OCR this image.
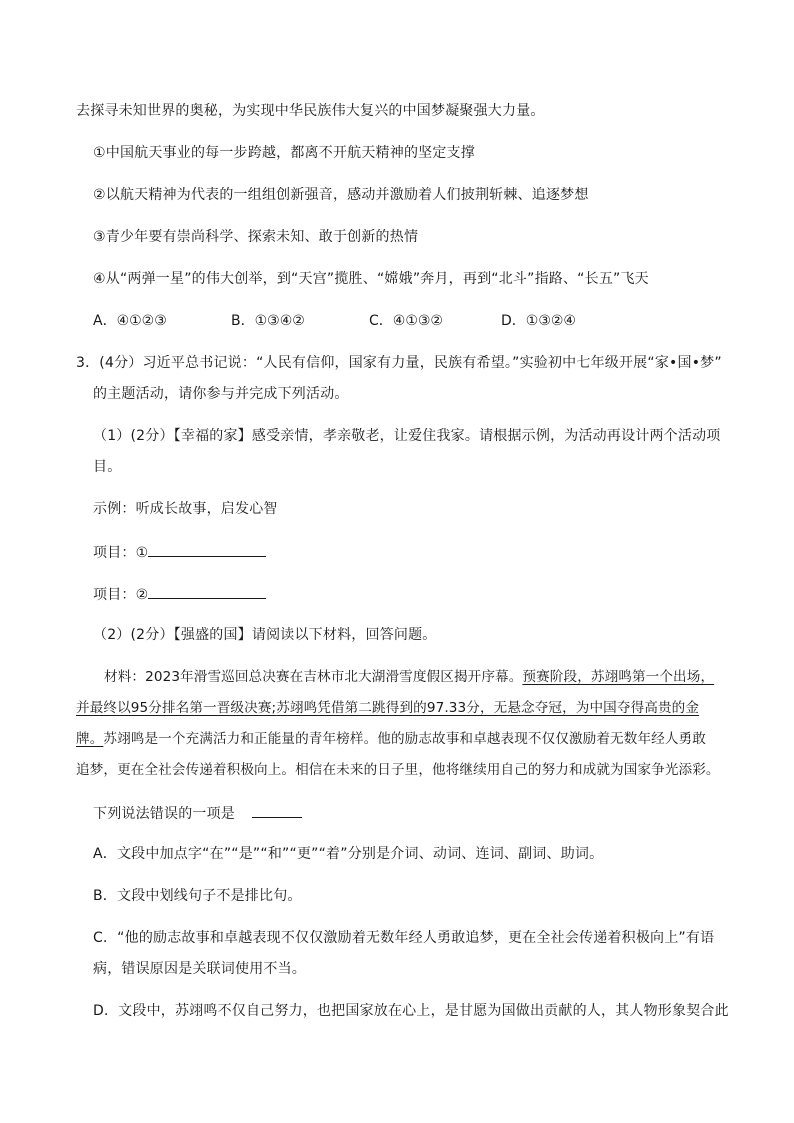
去探寻未知世界的奥秘，为实现中华民族伟大复兴的中国梦凝聚强大力量。
①中国航天事业的每一步跨越，都离不开航天精神的坚定支撑
②以航天精神为代表的一组组创新强音，感动并激励着人们披荆斩棘、追逐梦想
③青少年要有崇尚科学、探索未知、敢于创新的热情
④从“两弹一星”的伟大创举，到“天宫”揽胜、“嫦娥”奔月，再到“北斗”指路、“长五”飞天
A．④①②③	B．①③④②	C．④①③②	D．①③②④
3．(4分）习近平总书记说：“人民有信仰，国家有力量，民族有希望。”实验初中七年级开展“家•国•梦”
的主题活动，请你参与并完成下列活动。
（1）(2分）【幸福的家】感受亲情，孝亲敬老，让爱住我家。请根据示例，为活动再设计两个活动项
目。
示例：听成长故事，启发心智
项目：①
项目：②
（2）(2分）【强盛的国】请阅读以下材料，回答问题。
材料：2023年滑雪巡回总决赛在吉林市北大湖滑雪度假区揭开序幕。预赛阶段，苏翊鸣第一个出场，
并最终以95分排名第一晋级决赛;苏翊鸣凭借第二跳得到的97.33分，无悬念夺冠，为中国夺得高贵的金
牌。苏翊鸣是一个充满活力和正能量的青年榜样。他的励志故事和卓越表现不仅仅激励着无数年经人勇敢
追梦，更在全社会传递着积极向上。相信在未来的日子里，他将继续用自己的努力和成就为国家争光添彩。
下列说法错误的一项是
A．文段中加点字“在”“是”“和”“更”“着”分别是介词、动词、连词、副词、助词。
B．文段中划线句子不是排比句。
C．“他的励志故事和卓越表现不仅仅激励着无数年经人勇敢追梦，更在全社会传递着积极向上”有语
病，错误原因是关联词使用不当。
D．文段中，苏翊鸣不仅自己努力，也把国家放在心上，是甘愿为国做出贡献的人，其人物形象契合此
